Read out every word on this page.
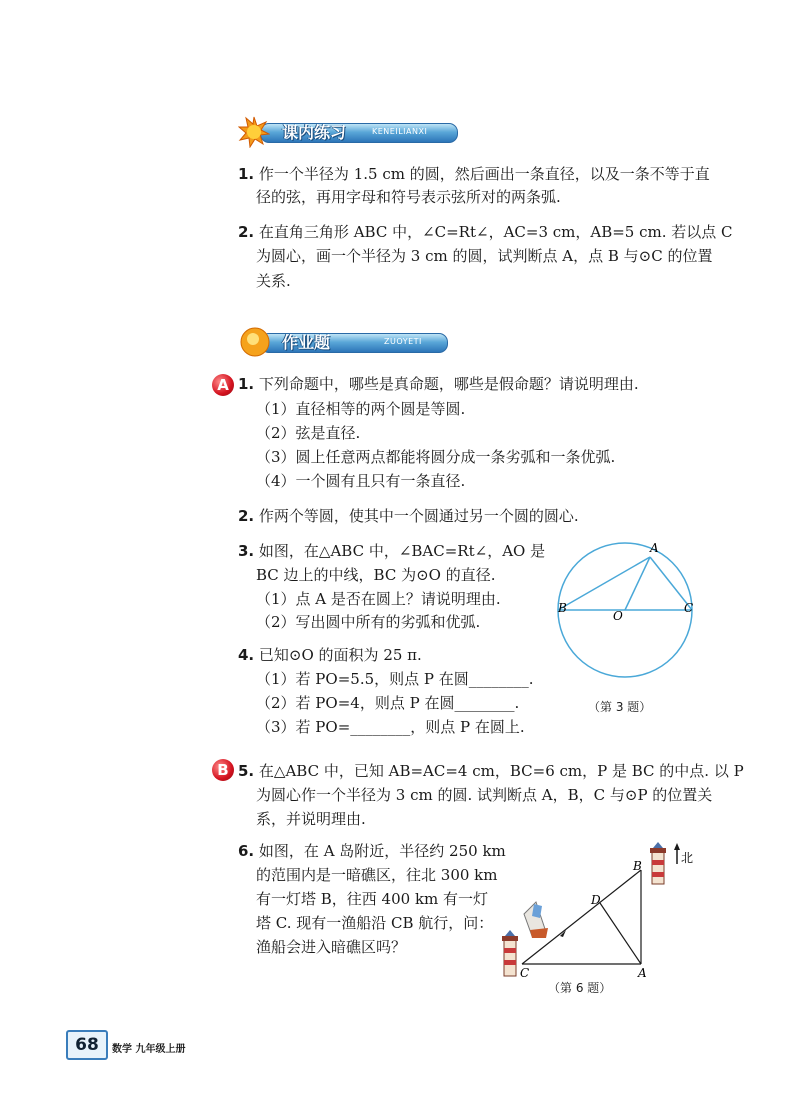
课内练习	KENEILIANXI
1. 作一个半径为 1.5 cm 的圆，然后画出一条直径，以及一条不等于直
径的弦，再用字母和符号表示弦所对的两条弧.
2. 在直角三角形 ABC 中，∠C=Rt∠，AC=3 cm，AB=5 cm. 若以点 C
为圆心，画一个半径为 3 cm 的圆，试判断点 A，点 B 与⊙C 的位置
关系.
作业题	ZUOYETI
A 1. 下列命题中，哪些是真命题，哪些是假命题？请说明理由.
（1）直径相等的两个圆是等圆.
（2）弦是直径.
（3）圆上任意两点都能将圆分成一条劣弧和一条优弧.
（4）一个圆有且只有一条直径.
2. 作两个等圆，使其中一个圆通过另一个圆的圆心.
3. 如图，在△ABC 中，∠BAC=Rt∠，AO 是
BC 边上的中线，BC 为⊙O 的直径.
（1）点 A 是否在圆上？请说明理由.
（2）写出圆中所有的劣弧和优弧.
4. 已知⊙O 的面积为 25 π.
（1）若 PO=5.5，则点 P 在圆________.
（2）若 PO=4，则点 P 在圆________.
（3）若 PO=________，则点 P 在圆上.
A
B
O
C
（第 3 题）
B 5. 在△ABC 中，已知 AB=AC=4 cm，BC=6 cm，P 是 BC 的中点. 以 P
为圆心作一个半径为 3 cm 的圆. 试判断点 A，B，C 与⊙P 的位置关
系，并说明理由.
6. 如图，在 A 岛附近，半径约 250 km
的范围内是一暗礁区，往北 300 km
有一灯塔 B，往西 400 km 有一灯
塔 C. 现有一渔船沿 CB 航行，问：
渔船会进入暗礁区吗？
北
B
D
C	A
（第 6 题）
68	数学 九年级上册
